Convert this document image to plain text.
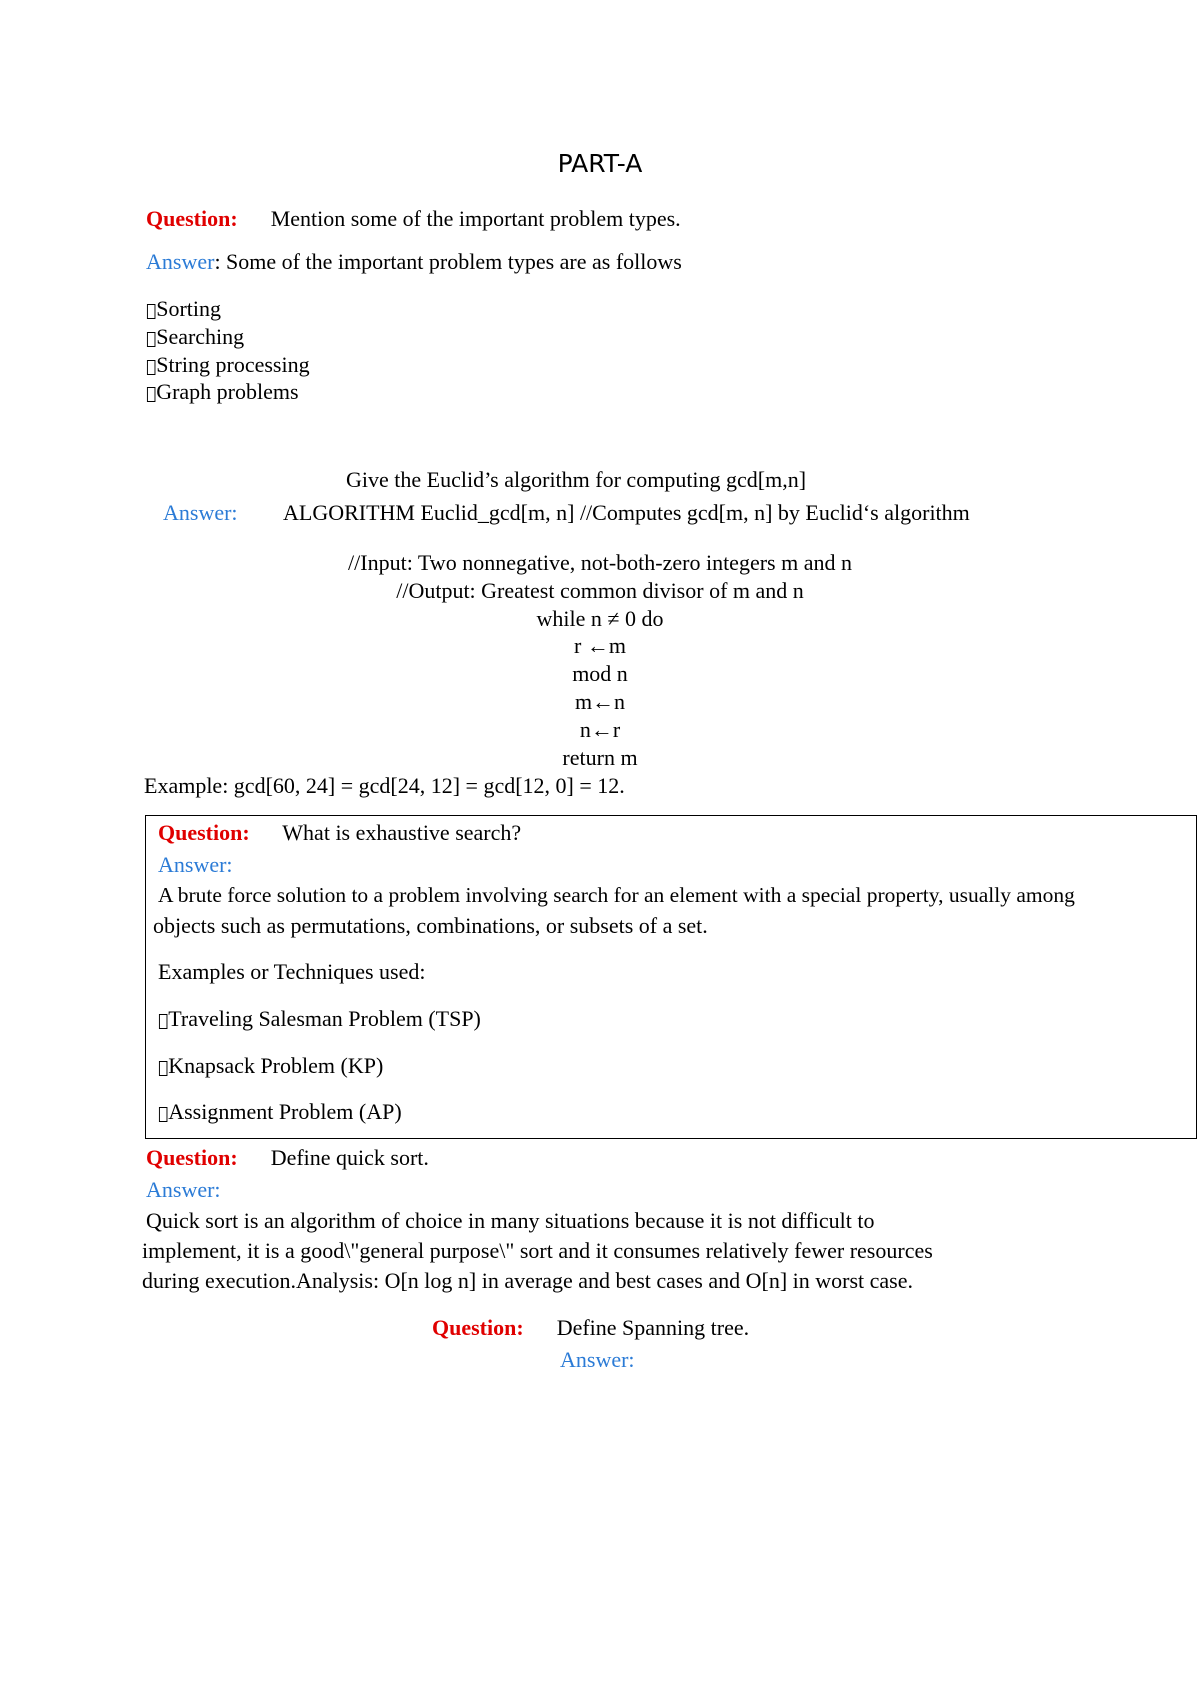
PART-A
Question: Mention some of the important problem types.
Answer: Some of the important problem types are as follows
Sorting
Searching
String processing
Graph problems
Give the Euclid’s algorithm for computing gcd[m,n]
Answer: ALGORITHM Euclid_gcd[m, n] //Computes gcd[m, n] by Euclid‘s algorithm
//Input: Two nonnegative, not-both-zero integers m and n
//Output: Greatest common divisor of m and n
while n ≠ 0 do
r ←m
mod n
m←n
n←r
return m
Example: gcd[60, 24] = gcd[24, 12] = gcd[12, 0] = 12.
Question: What is exhaustive search?
Answer:
A brute force solution to a problem involving search for an element with a special property, usually among
objects such as permutations, combinations, or subsets of a set.
Examples or Techniques used:
Traveling Salesman Problem (TSP)
Knapsack Problem (KP)
Assignment Problem (AP)
Question: Define quick sort.
Answer:
Quick sort is an algorithm of choice in many situations because it is not difficult to
implement, it is a good\"general purpose\" sort and it consumes relatively fewer resources
during execution.Analysis: O[n log n] in average and best cases and O[n] in worst case.
Question: Define Spanning tree.
Answer:
